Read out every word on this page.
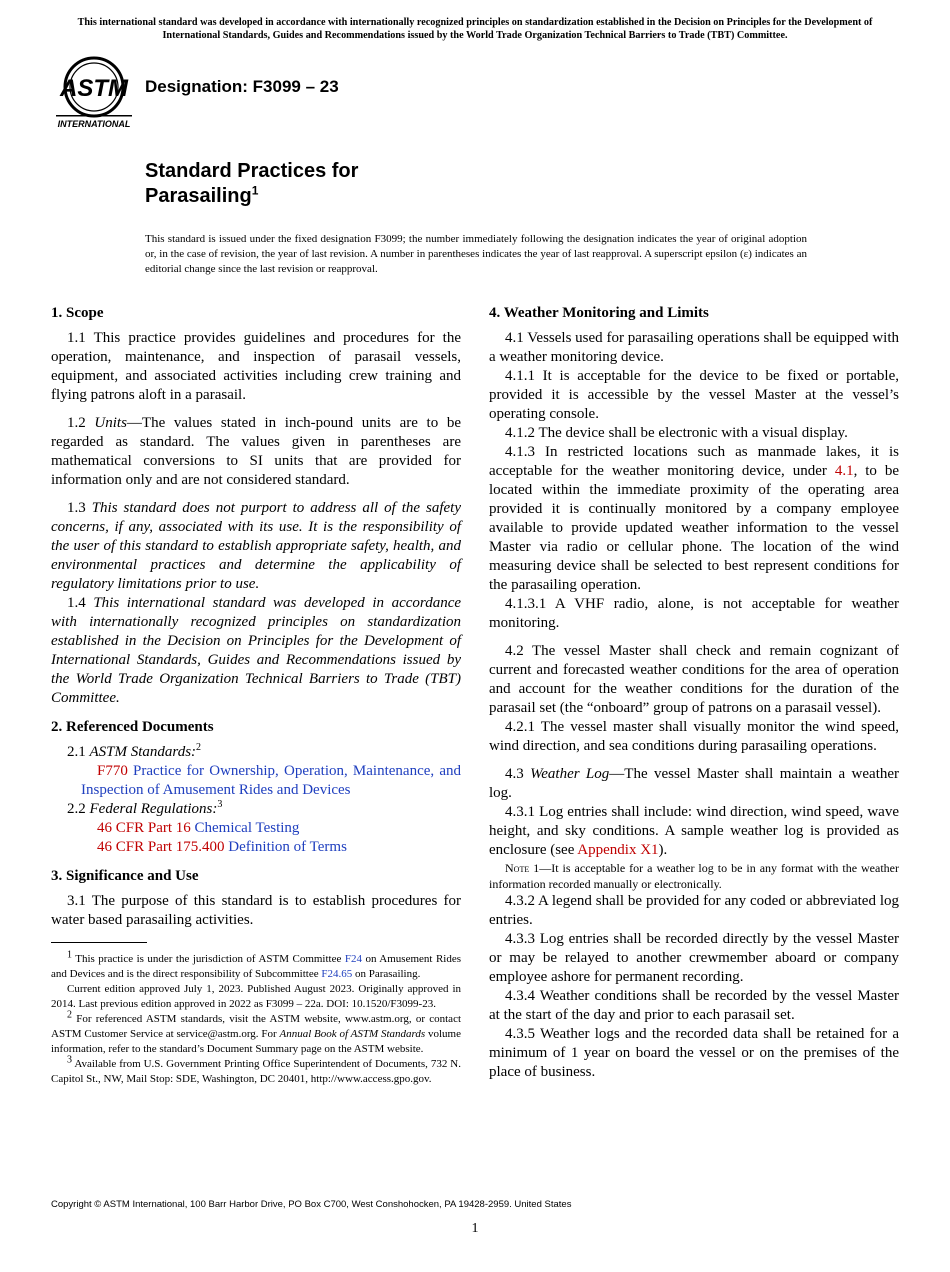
This international standard was developed in accordance with internationally recognized principles on standardization established in the Decision on Principles for the Development of International Standards, Guides and Recommendations issued by the World Trade Organization Technical Barriers to Trade (TBT) Committee.
ASTM
INTERNATIONAL
Designation: F3099 – 23
Standard Practices for
Parasailing$^1$
This standard is issued under the fixed designation F3099; the number immediately following the designation indicates the year of original adoption or, in the case of revision, the year of last revision. A number in parentheses indicates the year of last reapproval. A superscript epsilon (ε) indicates an editorial change since the last revision or reapproval.
1. Scope

1.1 This practice provides guidelines and procedures for the operation, maintenance, and inspection of parasail vessels, equipment, and associated activities including crew training and flying patrons aloft in a parasail.

1.2 Units—The values stated in inch-pound units are to be regarded as standard. The values given in parentheses are mathematical conversions to SI units that are provided for information only and are not considered standard.

1.3 This standard does not purport to address all of the safety concerns, if any, associated with its use. It is the responsibility of the user of this standard to establish appropriate safety, health, and environmental practices and determine the applicability of regulatory limitations prior to use.

1.4 This international standard was developed in accordance with internationally recognized principles on standardization established in the Decision on Principles for the Development of International Standards, Guides and Recommendations issued by the World Trade Organization Technical Barriers to Trade (TBT) Committee.

2. Referenced Documents

2.1 ASTM Standards:$^2$

F770 Practice for Ownership, Operation, Maintenance, and Inspection of Amusement Rides and Devices

2.2 Federal Regulations:$^3$

46 CFR Part 16 Chemical Testing

46 CFR Part 175.400 Definition of Terms

3. Significance and Use

3.1 The purpose of this standard is to establish procedures for water based parasailing activities.

$^1$ This practice is under the jurisdiction of ASTM Committee F24 on Amusement Rides and Devices and is the direct responsibility of Subcommittee F24.65 on Parasailing.

Current edition approved July 1, 2023. Published August 2023. Originally approved in 2014. Last previous edition approved in 2022 as F3099 – 22a. DOI: 10.1520/F3099-23.

$^2$ For referenced ASTM standards, visit the ASTM website, www.astm.org, or contact ASTM Customer Service at service@astm.org. For Annual Book of ASTM Standards volume information, refer to the standard’s Document Summary page on the ASTM website.

$^3$ Available from U.S. Government Printing Office Superintendent of Documents, 732 N. Capitol St., NW, Mail Stop: SDE, Washington, DC 20401, http://www.access.gpo.gov.

4. Weather Monitoring and Limits

4.1 Vessels used for parasailing operations shall be equipped with a weather monitoring device.

4.1.1 It is acceptable for the device to be fixed or portable, provided it is accessible by the vessel Master at the vessel’s operating console.

4.1.2 The device shall be electronic with a visual display.

4.1.3 In restricted locations such as manmade lakes, it is acceptable for the weather monitoring device, under 4.1, to be located within the immediate proximity of the operating area provided it is continually monitored by a company employee available to provide updated weather information to the vessel Master via radio or cellular phone. The location of the wind measuring device shall be selected to best represent conditions for the parasailing operation.

4.1.3.1 A VHF radio, alone, is not acceptable for weather monitoring.

4.2 The vessel Master shall check and remain cognizant of current and forecasted weather conditions for the area of operation and account for the weather conditions for the duration of the parasail set (the “onboard” group of patrons on a parasail vessel).

4.2.1 The vessel master shall visually monitor the wind speed, wind direction, and sea conditions during parasailing operations.

4.3 Weather Log—The vessel Master shall maintain a weather log.

4.3.1 Log entries shall include: wind direction, wind speed, wave height, and sky conditions. A sample weather log is provided as enclosure (see Appendix X1).

Note 1—It is acceptable for a weather log to be in any format with the weather information recorded manually or electronically.

4.3.2 A legend shall be provided for any coded or abbreviated log entries.

4.3.3 Log entries shall be recorded directly by the vessel Master or may be relayed to another crewmember aboard or company employee ashore for permanent recording.

4.3.4 Weather conditions shall be recorded by the vessel Master at the start of the day and prior to each parasail set.

4.3.5 Weather logs and the recorded data shall be retained for a minimum of 1 year on board the vessel or on the premises of the place of business.

Copyright © ASTM International, 100 Barr Harbor Drive, PO Box C700, West Conshohocken, PA 19428-2959. United States
1
